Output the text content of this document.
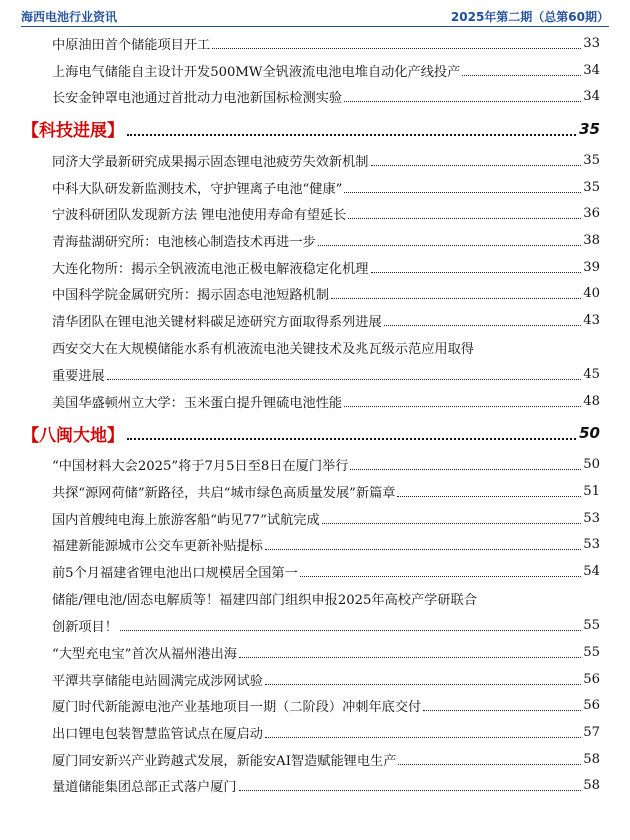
海西电池行业资讯	2025年第二期（总第60期）
中原油田首个储能项目开工	33
上海电气储能自主设计开发500MW全钒液流电池电堆自动化产线投产	34
长安金钟罩电池通过首批动力电池新国标检测实验	34
【科技进展】	35
同济大学最新研究成果揭示固态锂电池疲劳失效新机制	35
中科大队研发新监测技术，守护锂离子电池“健康”	35
宁波科研团队发现新方法 锂电池使用寿命有望延长	36
青海盐湖研究所：电池核心制造技术再进一步	38
大连化物所：揭示全钒液流电池正极电解液稳定化机理	39
中国科学院金属研究所：揭示固态电池短路机制	40
清华团队在锂电池关键材料碳足迹研究方面取得系列进展	43
西安交大在大规模储能水系有机液流电池关键技术及兆瓦级示范应用取得
重要进展	45
美国华盛顿州立大学：玉米蛋白提升锂硫电池性能	48
【八闽大地】	50
“中国材料大会2025”将于7月5日至8日在厦门举行	50
共探“源网荷储”新路径，共启“城市绿色高质量发展”新篇章	51
国内首艘纯电海上旅游客船“屿见77”试航完成	53
福建新能源城市公交车更新补贴提标	53
前5个月福建省锂电池出口规模居全国第一	54
储能/锂电池/固态电解质等！福建四部门组织申报2025年高校产学研联合
创新项目！	55
“大型充电宝”首次从福州港出海	55
平潭共享储能电站圆满完成涉网试验	56
厦门时代新能源电池产业基地项目一期（二阶段）冲刺年底交付	56
出口锂电包装智慧监管试点在厦启动	57
厦门同安新兴产业跨越式发展，新能安AI智造赋能锂电生产	58
量道储能集团总部正式落户厦门	58
